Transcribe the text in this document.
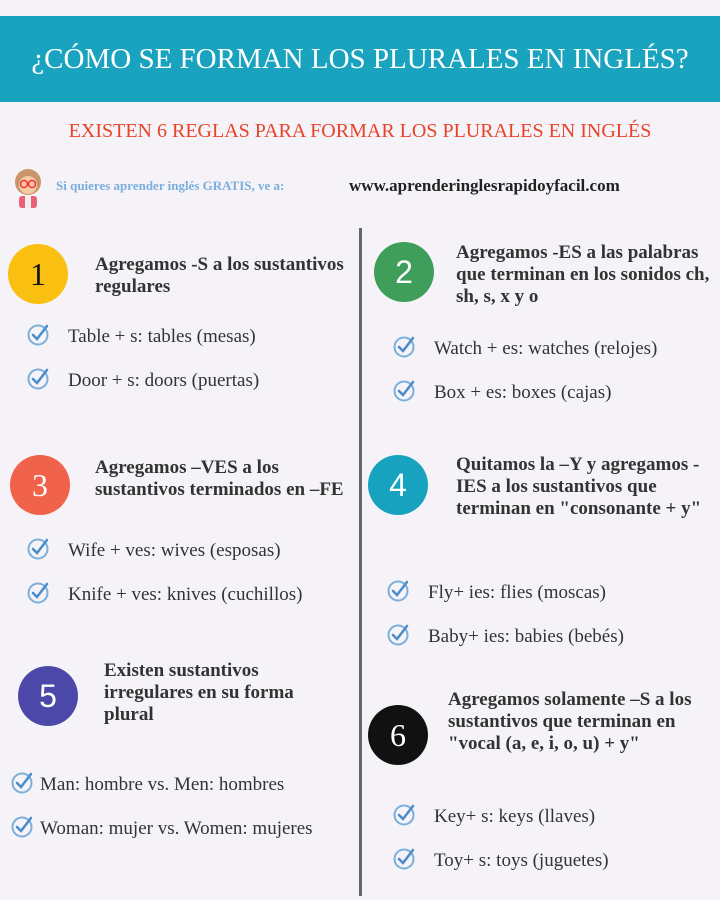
¿CÓMO SE FORMAN LOS PLURALES EN INGLÉS?
EXISTEN 6 REGLAS PARA FORMAR LOS PLURALES EN INGLÉS
Si quieres aprender inglés GRATIS, ve a:	www.aprenderinglesrapidoyfacil.com
1	Agregamos -S a los sustantivos regulares
Table + s: tables (mesas)
Door + s: doors (puertas)
2
Agregamos -ES a las palabras que terminan en los sonidos ch, sh, s, x y o
Watch + es: watches (relojes)
Box + es: boxes (cajas)
3 Agregamos –VES a los sustantivos terminados en –FE
Wife + ves: wives (esposas)
Knife + ves: knives (cuchillos)
4
Quitamos la –Y y agregamos -IES a los sustantivos que terminan en "consonante + y"
Fly+ ies: flies (moscas)
Baby+ ies: babies (bebés)
5
Existen sustantivos irregulares en su forma plural
Man: hombre vs. Men: hombres
Woman: mujer vs. Women: mujeres
6
Agregamos solamente –S a los sustantivos que terminan en "vocal (a, e, i, o, u) + y"
Key+ s: keys (llaves)
Toy+ s: toys (juguetes)
